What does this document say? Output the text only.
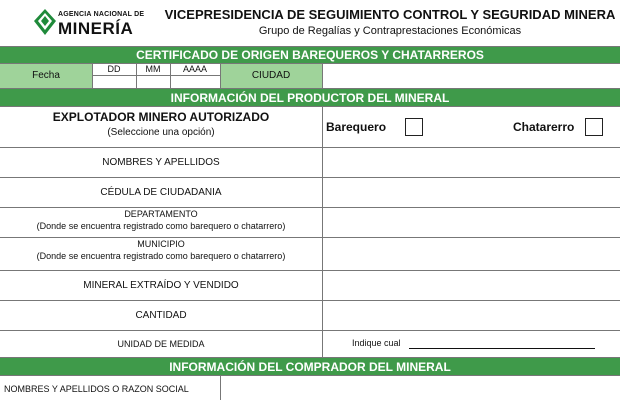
AGENCIA NACIONAL DE
MINERÍA
VICEPRESIDENCIA DE SEGUIMIENTO CONTROL Y SEGURIDAD MINERA
Grupo de Regalías y Contraprestaciones Económicas
CERTIFICADO DE ORIGEN BAREQUEROS Y CHATARREROS
Fecha
DD	MM	AAAA
CIUDAD
INFORMACIÓN DEL PRODUCTOR DEL MINERAL
EXPLOTADOR MINERO AUTORIZADO
(Seleccione una opción)	Barequero	Chatarerro
NOMBRES Y APELLIDOS
CÉDULA DE CIUDADANIA
DEPARTAMENTO
(Donde se encuentra registrado como barequero o chatarrero)
MUNICIPIO
(Donde se encuentra registrado como barequero o chatarrero)
MINERAL EXTRAÍDO Y VENDIDO
CANTIDAD
UNIDAD DE MEDIDA	Indique cual
INFORMACIÓN DEL COMPRADOR DEL MINERAL
NOMBRES Y APELLIDOS O RAZON SOCIAL
